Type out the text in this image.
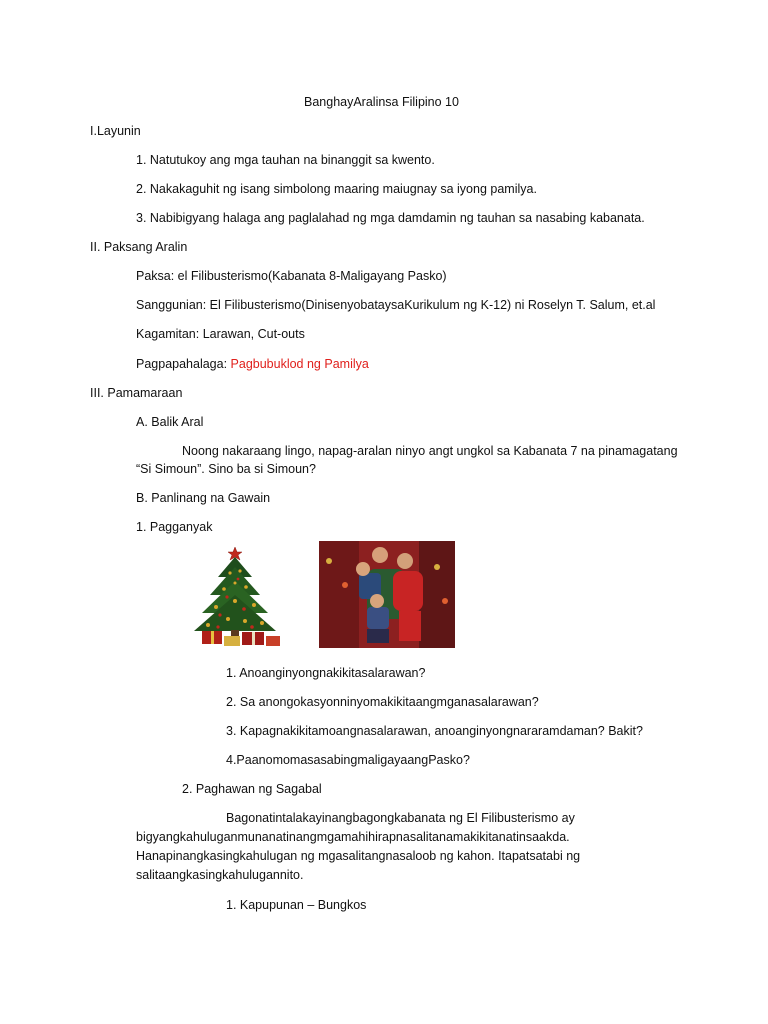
BanghayAralinsa Filipino 10
I.Layunin
1. Natutukoy ang mga tauhan na binanggit sa kwento.
2. Nakakaguhit ng isang simbolong maaring maiugnay sa iyong pamilya.
3. Nabibigyang halaga ang paglalahad ng mga damdamin ng tauhan sa nasabing kabanata.
II. Paksang Aralin
Paksa: el Filibusterismo(Kabanata 8-Maligayang Pasko)
Sanggunian: El Filibusterismo(DinisenyobataysaKurikulum ng K-12) ni Roselyn T. Salum, et.al
Kagamitan: Larawan, Cut-outs
Pagpapahalaga: Pagbubuklod ng Pamilya
III. Pamamaraan
A. Balik Aral
Noong nakaraang lingo, napag-aralan ninyo angt ungkol sa Kabanata 7 na pinamagatang
“Si Simoun”. Sino ba si Simoun?
B. Panlinang na Gawain
1. Pagganyak
1. Anoanginyongnakikitasalarawan?
2. Sa anongokasyonninyomakikitaangmganasalarawan?
3. Kapagnakikitamoangnasalarawan, anoanginyongnararamdaman? Bakit?
4.PaanomomasasabingmaligayaangPasko?
2. Paghawan ng Sagabal
Bagonatintalakayinangbagongkabanata ng El Filibusterismo ay
bigyangkahuluganmunanatinangmgamahihirapnasalitanamakikitanatinsaakda.
Hanapinangkasingkahulugan ng mgasalitangnasaloob ng kahon. Itapatsatabi ng
salitaangkasingkahulugannito.
1. Kapupunan – Bungkos
